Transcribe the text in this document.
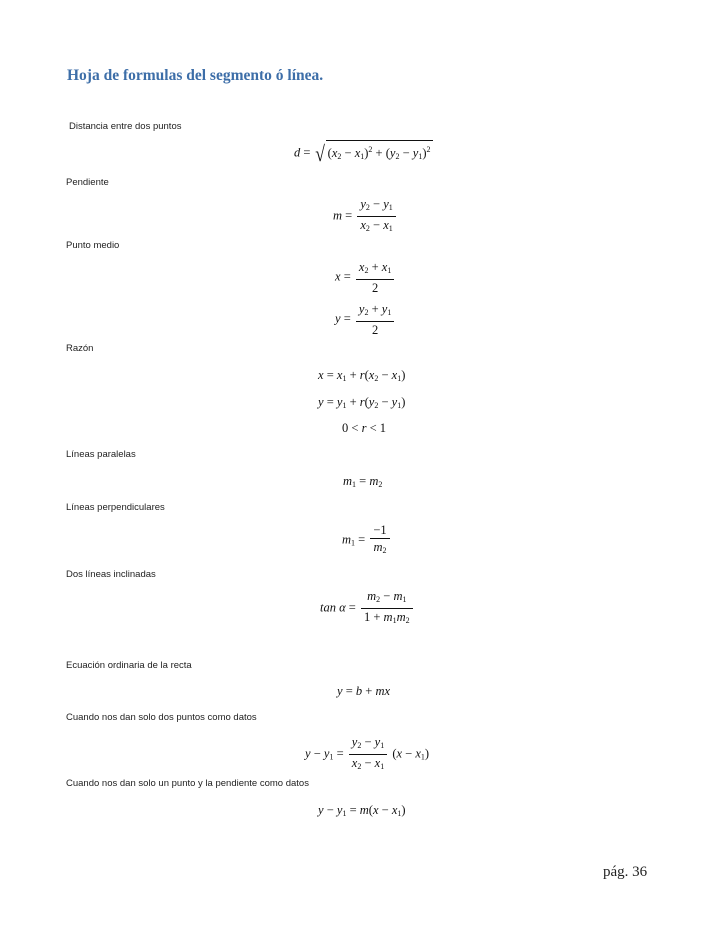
Hoja de formulas del segmento ó línea.
Distancia entre dos puntos
d = √ $(x_2 - x_1)^2 + (y_2 - y_1)^2$
Pendiente
$m = \frac{y_2 - y_1}{x_2 - x_1}$
Punto medio
$x = \frac{x_2 + x_1}{2}$
$y = \frac{y_2 + y_1}{2}$
Razón
$x = x_1 + r(x_2 - x_1)$
$y = y_1 + r(y_2 - y_1)$
0 < r < 1
Líneas paralelas
$m_1 = m_2$
Líneas perpendiculares
$m_1 = \frac{-1}{m_2}$
Dos líneas inclinadas
$\tan \alpha = \frac{m_2 - m_1}{1 + m_1m_2}$
Ecuación ordinaria de la recta
y = b + mx
Cuando nos dan solo dos puntos como datos
$y - y_1 = \frac{y_2 - y_1}{x_2 - x_1} (x - x_1)$
Cuando nos dan solo un punto y la pendiente como datos
$y - y_1 = m(x - x_1)$
pág. 36
